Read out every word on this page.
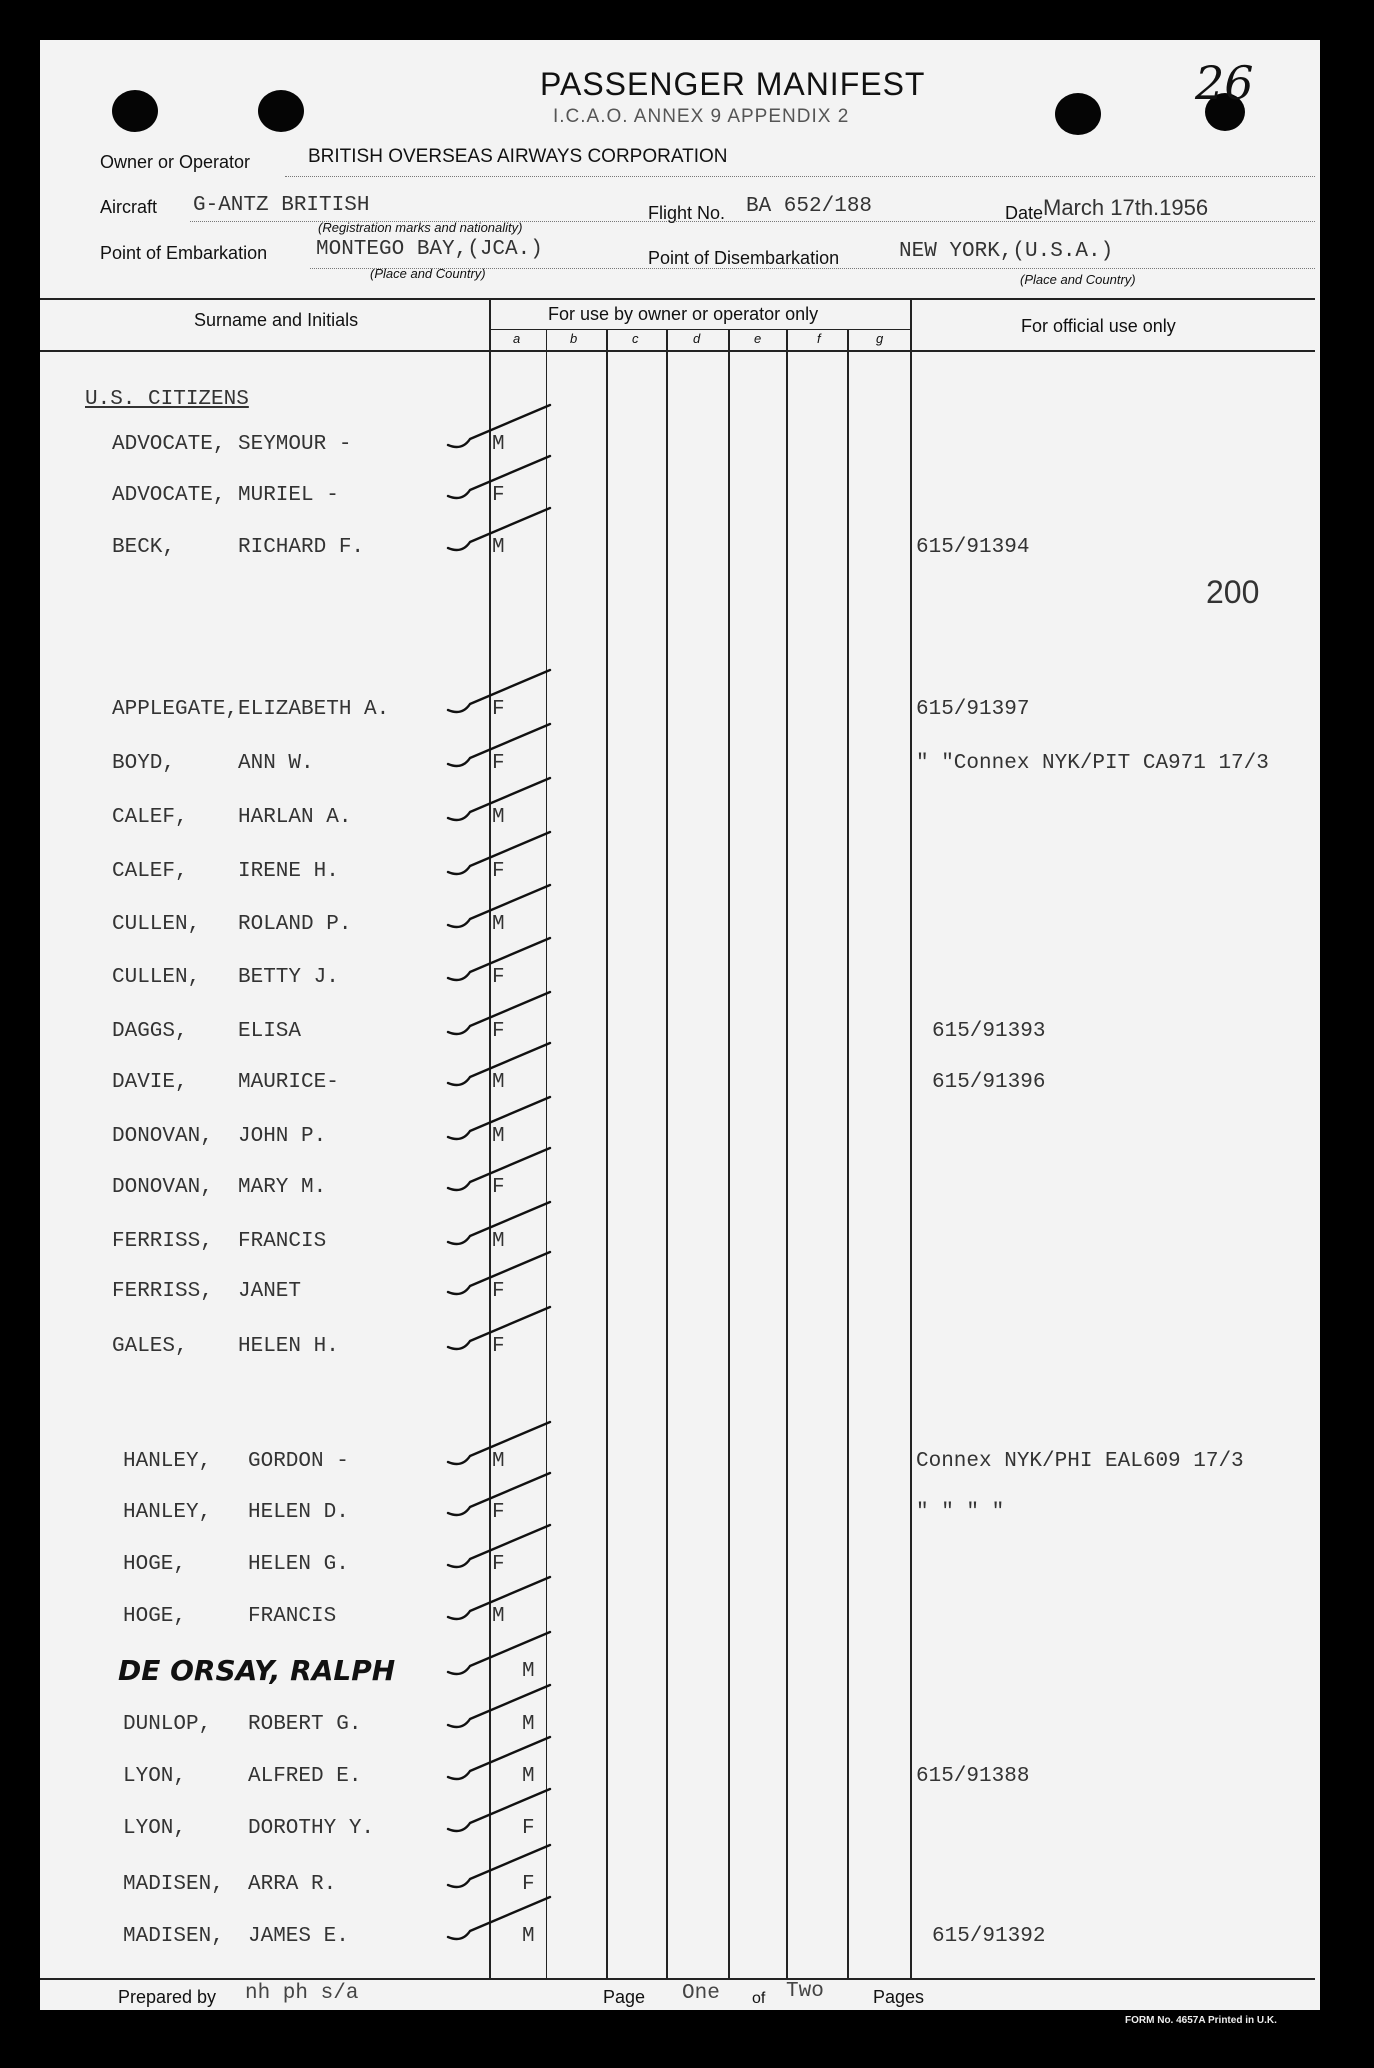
PASSENGER MANIFEST
I.C.A.O. ANNEX 9 APPENDIX 2
26
Owner or Operator	BRITISH OVERSEAS AIRWAYS CORPORATION
Aircraft G-ANTZ BRITISH
(Registration marks and nationality)
Flight No. BA 652/188	Date March 17th.1956
Point of Embarkation MONTEGO BAY,(JCA.)
(Place and Country)
Point of Disembarkation	NEW YORK,(U.S.A.)
(Place and Country)
Surname and Initials	For use by owner or operator only
For official use only
a	b	c	d	e	f	g
U.S. CITIZENS
200
ADVOCATE, SEYMOUR -	M
ADVOCATE, MURIEL -	F
BECK,	RICHARD F.	M	615/91394
APPLEGATE, ELIZABETH A.	F	615/91397
BOYD,	ANN W.	F	" "Connex NYK/PIT CA971 17/3
CALEF, HARLAN A.	M
CALEF, IRENE H.	F
CULLEN, ROLAND P.	M
CULLEN, BETTY J.	F
DAGGS, ELISA	F	615/91393
DAVIE, MAURICE-	M	615/91396
DONOVAN, JOHN P.	M
DONOVAN, MARY M.	F
FERRISS, FRANCIS	M
FERRISS, JANET	F
GALES, HELEN H.	F
HANLEY, GORDON -	M	Connex NYK/PHI EAL609 17/3
HANLEY, HELEN D.	F	" " " "
HOGE,	HELEN G.	F
HOGE,	FRANCIS	M
DE ORSAY, RALPH	M
DUNLOP, ROBERT G.	M
LYON,	ALFRED E.	M	615/91388
LYON,	DOROTHY Y.	F
MADISEN, ARRA R.	F
MADISEN, JAMES E.	M	615/91392
Prepared by nh ph s/a	Page One of Two	Pages
FORM No. 4657A Printed in U.K.
